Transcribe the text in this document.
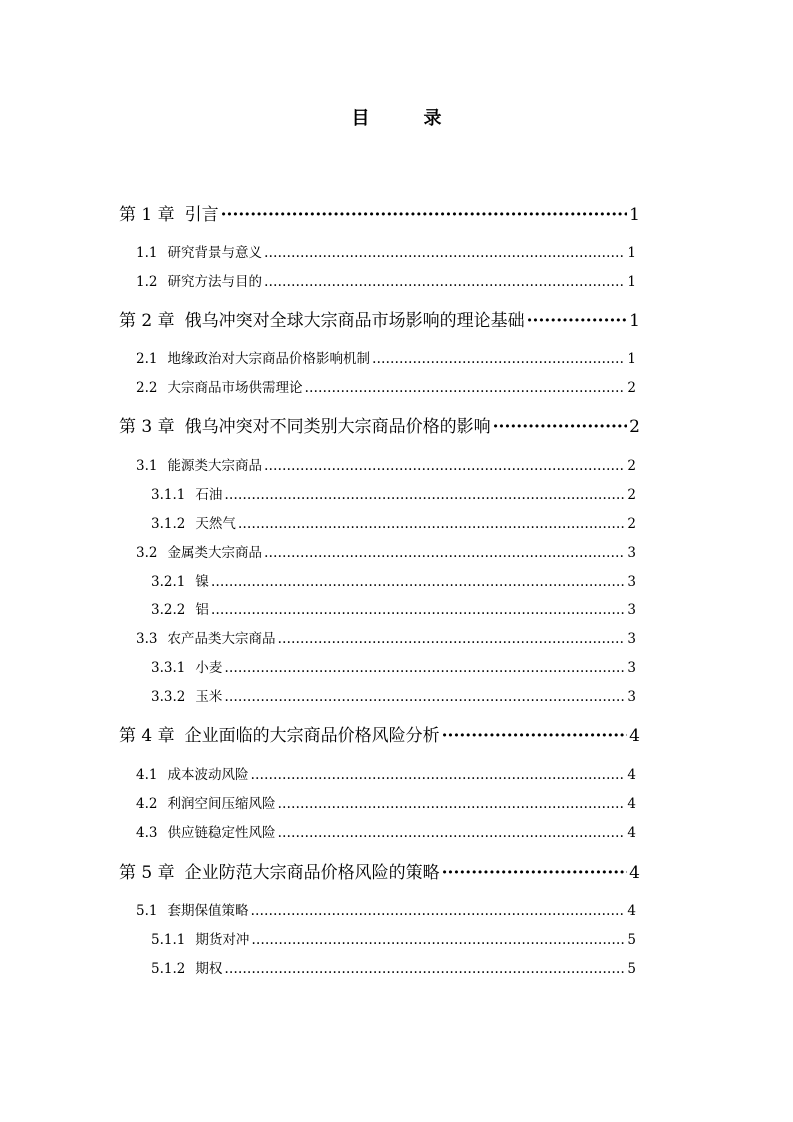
目　录
第 1 章 引言 ·····	1
1.1 研究背景与意义 ………………………………………………………………………………………………………………………………………………………………………………	1
1.2 研究方法与目的 ………………………………………………………………………………………………………………………………………………………………………………	1
第 2 章 俄乌冲突对全球大宗商品市场影响的理论基础 ·····	1
2.1 地缘政治对大宗商品价格影响机制 ………………………………………………………………………………………………………………………………………………………………………………	1
2.2 大宗商品市场供需理论 ………………………………………………………………………………………………………………………………………………………………………………	2
第 3 章 俄乌冲突对不同类别大宗商品价格的影响 ·····	2
3.1 能源类大宗商品 ………………………………………………………………………………………………………………………………………………………………………………	2
3.1.1 石油 ………………………………………………………………………………………………………………………………………………………………………………	2
3.1.2 天然气 ………………………………………………………………………………………………………………………………………………………………………………	2
3.2 金属类大宗商品 ………………………………………………………………………………………………………………………………………………………………………………	3
3.2.1 镍 ………………………………………………………………………………………………………………………………………………………………………………	3
3.2.2 铝 ………………………………………………………………………………………………………………………………………………………………………………	3
3.3 农产品类大宗商品 ………………………………………………………………………………………………………………………………………………………………………………	3
3.3.1 小麦 ………………………………………………………………………………………………………………………………………………………………………………	3
3.3.2 玉米 ………………………………………………………………………………………………………………………………………………………………………………	3
第 4 章 企业面临的大宗商品价格风险分析 ·····	4
4.1 成本波动风险 ………………………………………………………………………………………………………………………………………………………………………………	4
4.2 利润空间压缩风险 ………………………………………………………………………………………………………………………………………………………………………………	4
4.3 供应链稳定性风险 ………………………………………………………………………………………………………………………………………………………………………………	4
第 5 章 企业防范大宗商品价格风险的策略 ·····	4
5.1 套期保值策略 ………………………………………………………………………………………………………………………………………………………………………………	4
5.1.1 期货对冲 ………………………………………………………………………………………………………………………………………………………………………………	5
5.1.2 期权 ………………………………………………………………………………………………………………………………………………………………………………	5
